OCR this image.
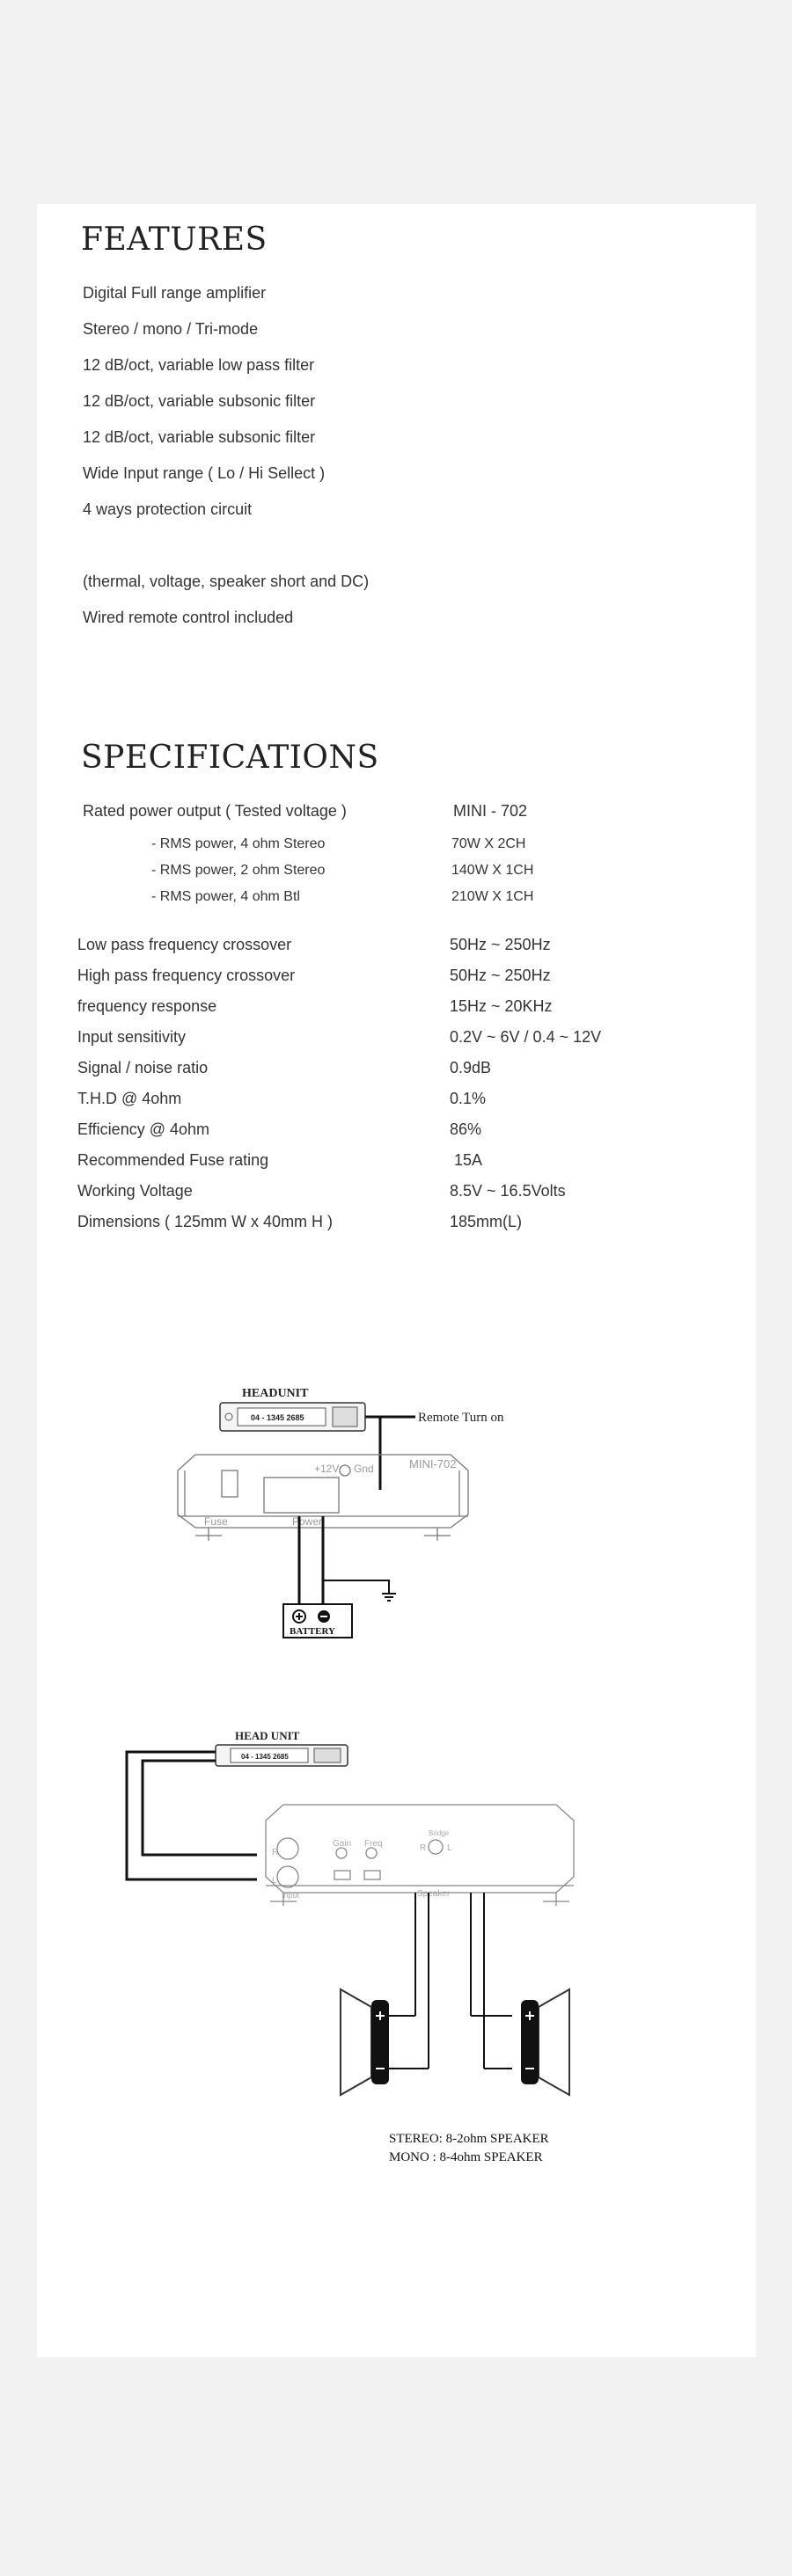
FEATURES
Digital Full range amplifier
Stereo / mono / Tri-mode
12 dB/oct, variable low pass filter
12 dB/oct, variable subsonic filter
12 dB/oct, variable subsonic filter
Wide Input range ( Lo / Hi Sellect )
4 ways protection circuit
(thermal, voltage, speaker short and DC)
Wired remote control included
SPECIFICATIONS
Rated power output ( Tested voltage )	MINI - 702
- RMS power, 4 ohm Stereo	70W X 2CH
- RMS power, 2 ohm Stereo	140W X 1CH
- RMS power, 4 ohm Btl	210W X 1CH
Low pass frequency crossover	50Hz ~ 250Hz
High pass frequency crossover	50Hz ~ 250Hz
frequency response	15Hz ~ 20KHz
Input sensitivity	0.2V ~ 6V / 0.4 ~ 12V
Signal / noise ratio	0.9dB
T.H.D @ 4ohm	0.1%
Efficiency @ 4ohm	86%
Recommended Fuse rating	15A
Working Voltage	8.5V ~ 16.5Volts
Dimensions ( 125mm W x 40mm H )	185mm(L)
HEADUNIT
04 - 1345 2685	Remote Turn on
+12V Gnd	MINI-702
Fuse	Power
BATTERY
HEAD UNIT
04 - 1345 2685
R
L
Gain Freq
Bridge
R L
Input	Speaker
STEREO: 8-2ohm SPEAKER
MONO : 8-4ohm SPEAKER
